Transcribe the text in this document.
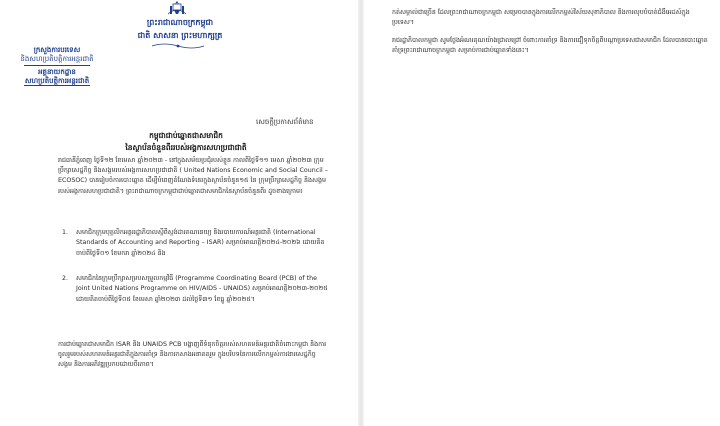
ព្រះរាជាណាចក្រកម្ពុជា
ជាតិ សាសនា ព្រះមហាក្សត្រ
ក្រសួងការបរទេស
និងសហប្រតិបត្តិការអន្តរជាតិ
អគ្គនាយកដ្ឋាន
សហប្រតិបត្តិការអន្តរជាតិ
សេចក្តីប្រកាសព័ត៌មាន
កម្ពុជាជាប់ឆ្នោតជាសមាជិក
នៃស្ថាប័នចំនួនពីររបស់អង្គការសហប្រជាជាតិ

រាជធានីភ្នំពេញ ថ្ងៃទី១២ ខែមេសា ឆ្នាំ២០២៣ - នៅក្នុងសម័យប្រជុំរបស់ខ្លួន កាលពីថ្ងៃទី១១ មេសា ឆ្នាំ២០២៣ ក្រុមប្រឹក្សាសេដ្ឋកិច្ច និងសង្គមរបស់អង្គការសហប្រជាជាតិ ( United Nations Economic and Social Council – ECOSOC) បានរៀបចំការបោះឆ្នោត ដើម្បីបំពេញតំណែងទំនេរក្នុងស្ថាប័នចំនួន១៥ នៃ ក្រុមប្រឹក្សាសេដ្ឋកិច្ច និងសង្គមរបស់អង្គការសហប្រជាជាតិ។ ព្រះរាជាណាចក្រកម្ពុជាជាប់ឆ្នោតជាសមាជិកនៃស្ថាប័នចំនួនពីរ ដូចខាងក្រោម៖

1.	សមាជិកក្រុមបុគ្គលិកអន្តររដ្ឋាភិបាលស្តីពីស្តង់ដារគណនេយ្យ និងរបាយការណ៍អន្តរជាតិ (International Standards of Accounting and Reporting – ISAR) សម្រាប់អាណត្តិ២០២៤-២០២៦ ដោយគិតចាប់ពីថ្ងៃទី០១ ខែមករា ឆ្នាំ២០២៤ និង
2.	សមាជិកនៃក្រុមប្រឹក្សាសម្របសម្រួលកម្មវិធី (Programme Coordinating Board (PCB) of the Joint United Nations Programme on HIV/AIDS - UNAIDS) សម្រាប់អាណត្តិ២០២៣-២០២៥ ដោយគិតចាប់ពីថ្ងៃទី០៥ ខែមេសា ឆ្នាំ២០២៣ ដល់ថ្ងៃទី៣១ ខែធ្នូ ឆ្នាំ២០២៥។

ការជាប់ឆ្នោតជាសមាជិក ISAR និង UNAIDS PCB បង្ហាញពីទំនុកចិត្តរបស់សហគមន៍អន្តរជាតិចំពោះកម្ពុជា និងការចូលរួមរបស់សហគមន៍អន្តរជាតិក្នុងការគាំទ្រ និងការកសាងអនាគតរួម ក្នុងបរិបទនៃការលើកកម្ពស់ការងារសេដ្ឋកិច្ច សង្គម និងការអភិវឌ្ឍប្រកបដោយចីរភាព។

កត់សម្គាល់ជាច្រើន ដែលព្រះរាជាណាចក្រកម្ពុជា សម្រេចបានក្នុងការលើកកម្ពស់វិស័យសុខាភិបាល និងការលុបបំបាត់ជំងឺអេដស៍ក្នុងប្រទេស។

រាជរដ្ឋាភិបាលកម្ពុជា សូមថ្លែងអំណរគុណយ៉ាងជ្រាលជ្រៅ ចំពោះការគាំទ្រ និងការជឿទុកចិត្តពីបណ្តាប្រទេសជាសមាជិក ដែលបានបោះឆ្នោតគាំទ្រព្រះរាជាណាចក្រកម្ពុជា សម្រាប់ការជាប់ឆ្នោតទាំងនេះ។
